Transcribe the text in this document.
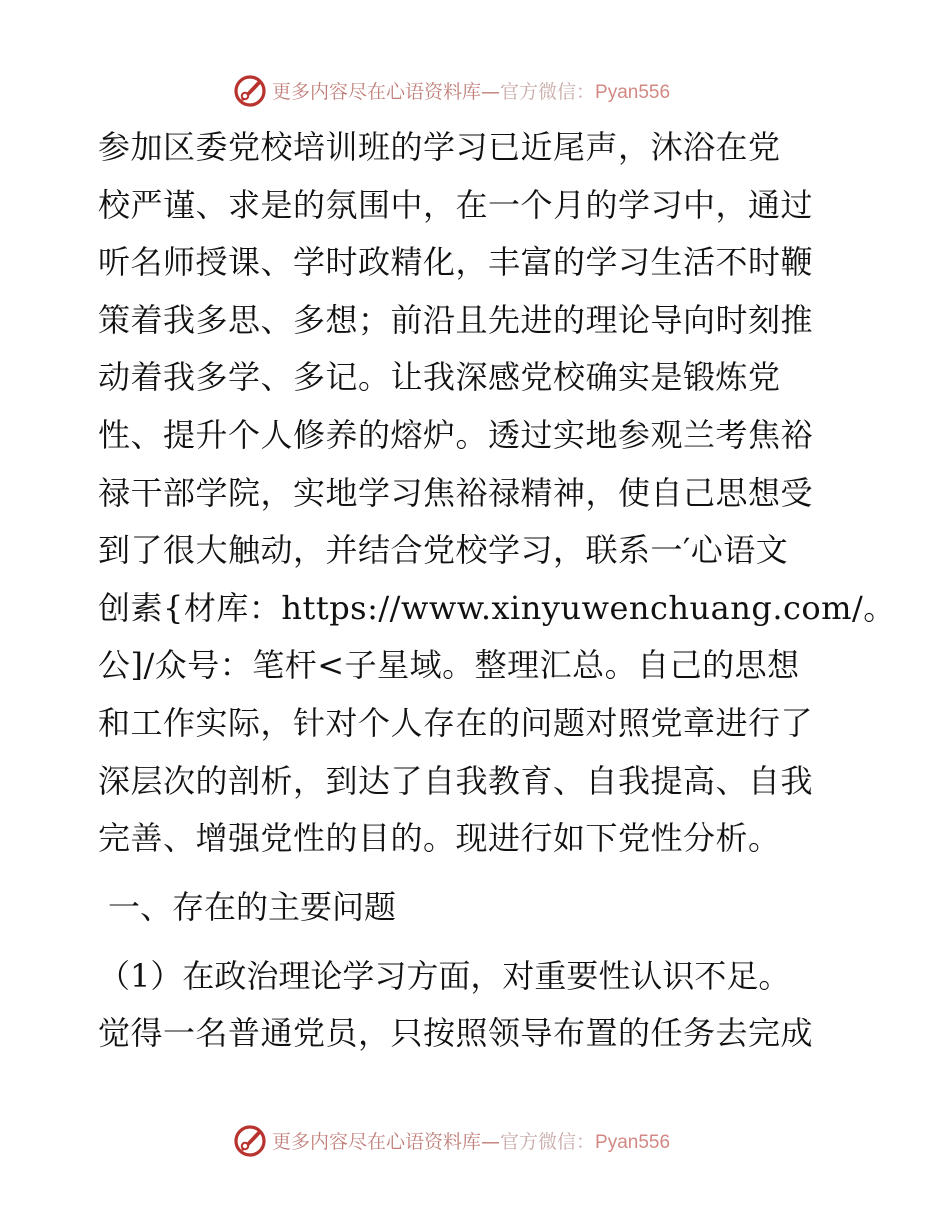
更多内容尽在心语资料库—官方微信：Pyan556
参加区委党校培训班的学习已近尾声，沐浴在党
校严谨、求是的氛围中，在一个月的学习中，通过
听名师授课、学时政精化，丰富的学习生活不时鞭
策着我多思、多想；前沿且先进的理论导向时刻推
动着我多学、多记。让我深感党校确实是锻炼党
性、提升个人修养的熔炉。透过实地参观兰考焦裕
禄干部学院，实地学习焦裕禄精神，使自己思想受
到了很大触动，并结合党校学习，联系一′心语文
创素{材库：https://www.xinyuwenchuang.com/。
公]/众号：笔杆<子星域。整理汇总。自己的思想
和工作实际，针对个人存在的问题对照党章进行了
深层次的剖析，到达了自我教育、自我提高、自我
完善、增强党性的目的。现进行如下党性分析。
一、存在的主要问题
（1）在政治理论学习方面，对重要性认识不足。
觉得一名普通党员，只按照领导布置的任务去完成
更多内容尽在心语资料库—官方微信：Pyan556
